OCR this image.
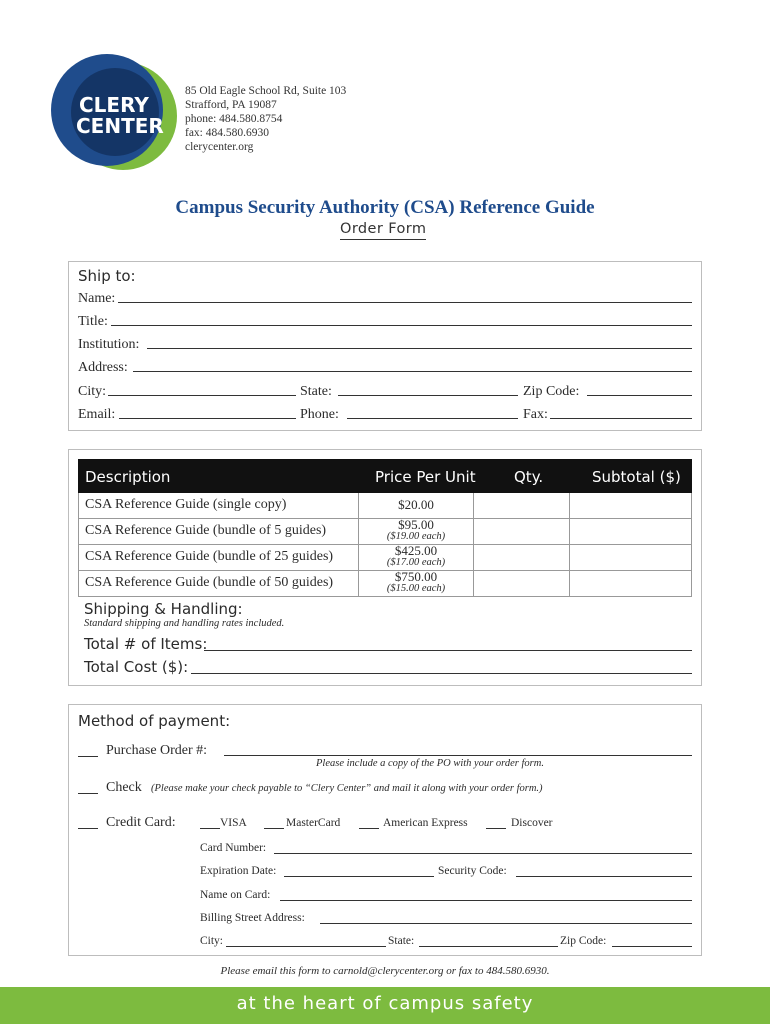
CLERY
CENTER
85 Old Eagle School Rd, Suite 103
Strafford, PA 19087
phone: 484.580.8754
fax: 484.580.6930
clerycenter.org
Campus Security Authority (CSA) Reference Guide
Order Form
Ship to:
Name:
Title:
Institution:
Address:
City:	State:	Zip Code:
Email:	Phone:	Fax:
Description	Price Per Unit	Qty.	Subtotal ($)
CSA Reference Guide (single copy)	$20.00
CSA Reference Guide (bundle of 5 guides)	$95.00
($19.00 each)
CSA Reference Guide (bundle of 25 guides)	$425.00
($17.00 each)
CSA Reference Guide (bundle of 50 guides)	$750.00
($15.00 each)
Shipping & Handling:
Standard shipping and handling rates included.
Total # of Items:
Total Cost ($):
Method of payment:
Purchase Order #:
Please include a copy of the PO with your order form.
Check (Please make your check payable to “Clery Center” and mail it along with your order form.)
Credit Card:	VISA	MasterCard	American Express	Discover
Card Number:
Expiration Date:	Security Code:
Name on Card:
Billing Street Address:
City:	State:	Zip Code:
Please email this form to carnold@clerycenter.org or fax to 484.580.6930.
at the heart of campus safety
